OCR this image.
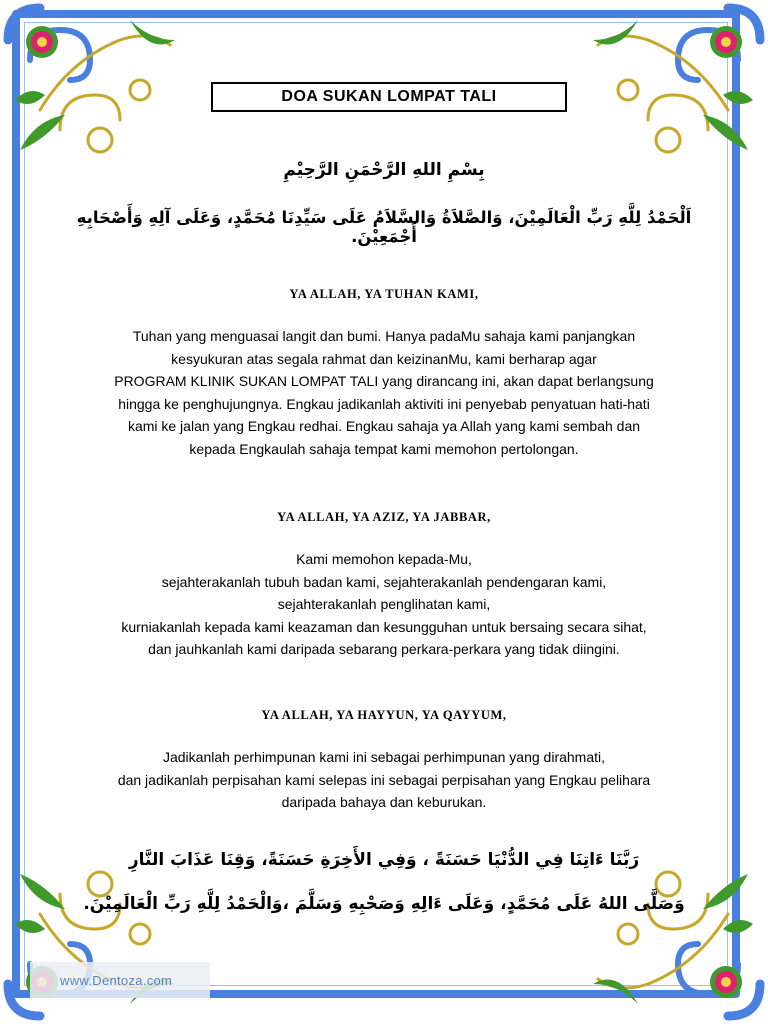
DOA SUKAN LOMPAT TALI
بِسْمِ اللهِ الرَّحْمَنِ الرَّحِيْمِ
اَلْحَمْدُ لِلَّهِ رَبِّ الْعَالَمِيْنَ، وَالصَّلاَةُ وَالسَّلاَمُ عَلَى سَيِّدِنَا مُحَمَّدٍ، وَعَلَى آلِهِ وَأَصْحَابِهِ أَجْمَعِيْنَ.
YA ALLAH, YA TUHAN KAMI,
Tuhan yang menguasai langit dan bumi. Hanya padaMu sahaja kami panjangkan
kesyukuran atas segala rahmat dan keizinanMu, kami berharap agar
PROGRAM KLINIK SUKAN LOMPAT TALI yang dirancang ini, akan dapat berlangsung
hingga ke penghujungnya. Engkau jadikanlah aktiviti ini penyebab penyatuan hati-hati
kami ke jalan yang Engkau redhai. Engkau sahaja ya Allah yang kami sembah dan
kepada Engkaulah sahaja tempat kami memohon pertolongan.
YA ALLAH, YA AZIZ, YA JABBAR,
Kami memohon kepada-Mu,
sejahterakanlah tubuh badan kami, sejahterakanlah pendengaran kami,
sejahterakanlah penglihatan kami,
kurniakanlah kepada kami keazaman dan kesungguhan untuk bersaing secara sihat,
dan jauhkanlah kami daripada sebarang perkara-perkara yang tidak diingini.
YA ALLAH, YA HAYYUN, YA QAYYUM,
Jadikanlah perhimpunan kami ini sebagai perhimpunan yang dirahmati,
dan jadikanlah perpisahan kami selepas ini sebagai perpisahan yang Engkau pelihara
daripada bahaya dan keburukan.
رَبَّنَا ءَاتِنَا فِي الدُّنْيَا حَسَنَةً ، وَفِي الأَخِرَةِ حَسَنَةً، وَقِنَا عَذَابَ النَّارِ
وَصَلَّى اللهُ عَلَى مُحَمَّدٍ، وَعَلَى ءَالِهِ وَصَحْبِهِ وَسَلَّمَ ،وَالْحَمْدُ لِلَّهِ رَبِّ الْعَالَمِيْنَ.
www.Dentoza.com
